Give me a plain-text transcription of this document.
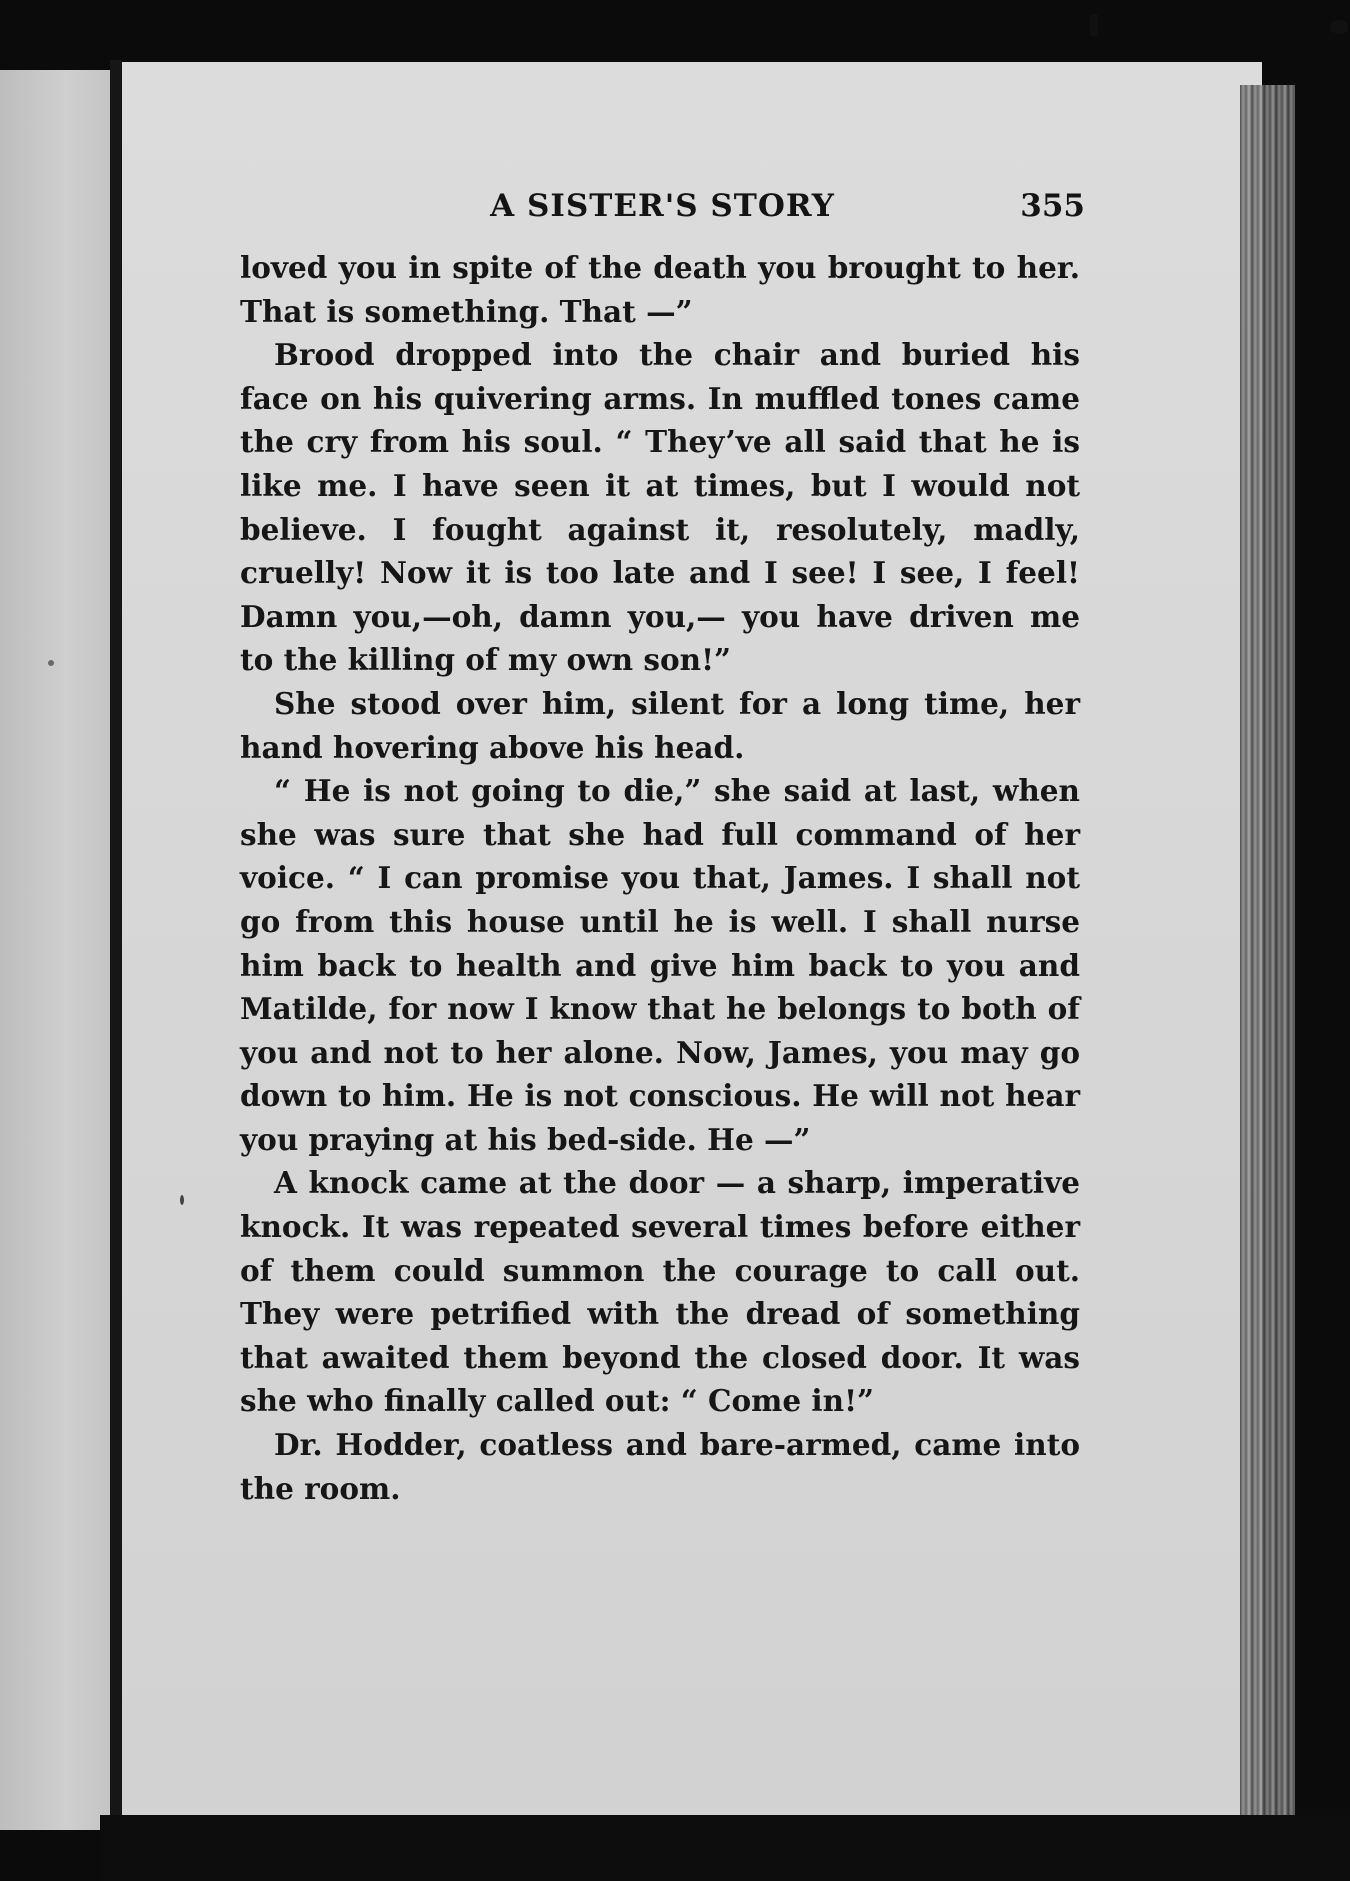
A SISTER'S STORY	355

loved you in spite of the death you brought to her. That is something. That —”

Brood dropped into the chair and buried his face on his quivering arms. In muffled tones came the cry from his soul. “ They’ve all said that he is like me. I have seen it at times, but I would not believe. I fought against it, resolutely, madly, cruelly! Now it is too late and I see! I see, I feel! Damn you,—oh, damn you,— you have driven me to the killing of my own son!”

She stood over him, silent for a long time, her hand hovering above his head.

“ He is not going to die,” she said at last, when she was sure that she had full command of her voice. “ I can promise you that, James. I shall not go from this house until he is well. I shall nurse him back to health and give him back to you and Matilde, for now I know that he belongs to both of you and not to her alone. Now, James, you may go down to him. He is not conscious. He will not hear you praying at his bed-side. He —”

A knock came at the door — a sharp, imperative knock. It was repeated several times before either of them could summon the courage to call out. They were petrified with the dread of something that awaited them beyond the closed door. It was she who finally called out: “ Come in!”

Dr. Hodder, coatless and bare-armed, came into the room.
